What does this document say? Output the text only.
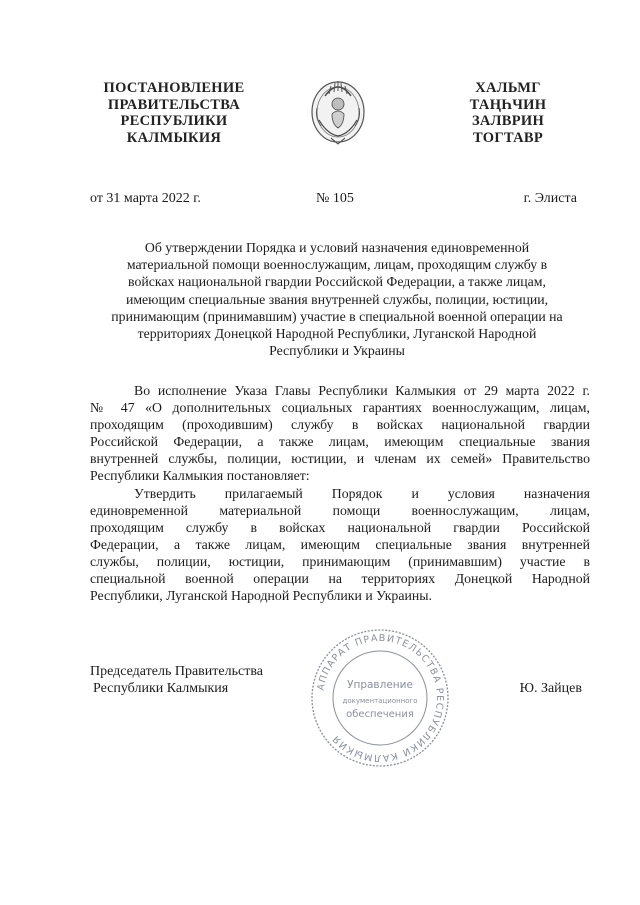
ПОСТАНОВЛЕНИЕ
ПРАВИТЕЛЬСТВА
РЕСПУБЛИКИ
КАЛМЫКИЯ
ХАЛЬМГ
ТАҢҺЧИН
ЗАЛВРИН
ТОГТАВР
от 31 марта 2022 г.	№ 105	г. Элиста
Об утверждении Порядка и условий назначения единовременной
материальной помощи военнослужащим, лицам, проходящим службу в
войсках национальной гвардии Российской Федерации, а также лицам,
имеющим специальные звания внутренней службы, полиции, юстиции,
принимающим (принимавшим) участие в специальной военной операции на
территориях Донецкой Народной Республики, Луганской Народной
Республики и Украины
Во исполнение Указа Главы Республики Калмыкия от 29 марта 2022 г.
№ 47 «О дополнительных социальных гарантиях военнослужащим, лицам,
проходящим (проходившим) службу в войсках национальной гвардии
Российской Федерации, а также лицам, имеющим специальные звания
внутренней службы, полиции, юстиции, и членам их семей» Правительство
Республики Калмыкия постановляет:
Утвердить прилагаемый Порядок и условия назначения
единовременной материальной помощи военнослужащим, лицам,
проходящим службу в войсках национальной гвардии Российской
Федерации, а также лицам, имеющим специальные звания внутренней
службы, полиции, юстиции, принимающим (принимавшим) участие в
специальной военной операции на территориях Донецкой Народной
Республики, Луганской Народной Республики и Украины.
АППАРАТ ПРАВИТЕЛЬСТВА РЕСПУБЛИКИ КАЛМЫКИЯ
Управление
документационного
обеспечения
Председатель Правительства
Республики Калмыкия	Ю. Зайцев
